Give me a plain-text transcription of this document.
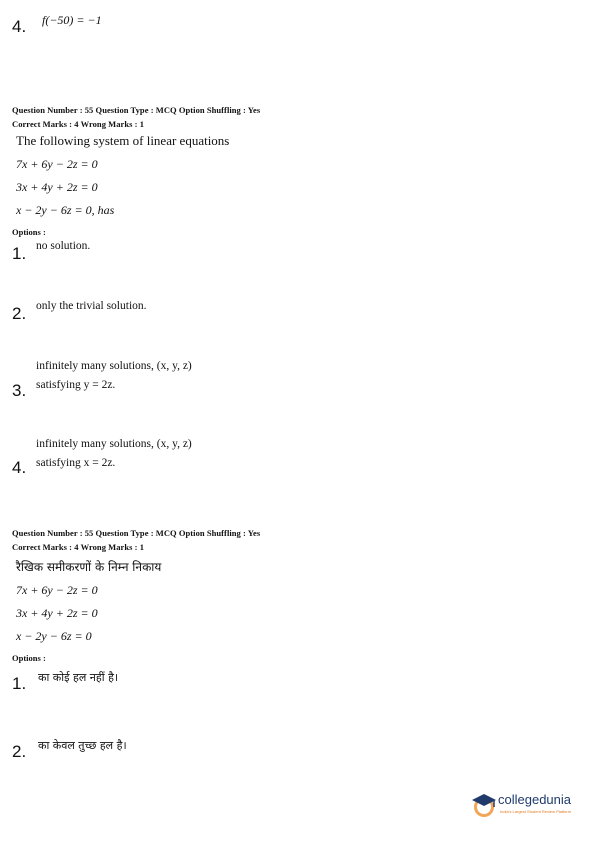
4. f(−50) = −1
Question Number : 55 Question Type : MCQ Option Shuffling : Yes
Correct Marks : 4 Wrong Marks : 1
The following system of linear equations
7x + 6y − 2z = 0
3x + 4y + 2z = 0
x − 2y − 6z = 0, has
Options :
1. no solution.
2. only the trivial solution.
infinitely many solutions, (x, y, z)
3. satisfying y = 2z.
infinitely many solutions, (x, y, z)
4. satisfying x = 2z.
Question Number : 55 Question Type : MCQ Option Shuffling : Yes
Correct Marks : 4 Wrong Marks : 1
रैखिक समीकरणों के निम्न निकाय
7x + 6y − 2z = 0
3x + 4y + 2z = 0
x − 2y − 6z = 0
Options :
1. का कोई हल नहीं है।
2. का केवल तुच्छ हल है।
collegedunia
India's Largest Student Review Platform
